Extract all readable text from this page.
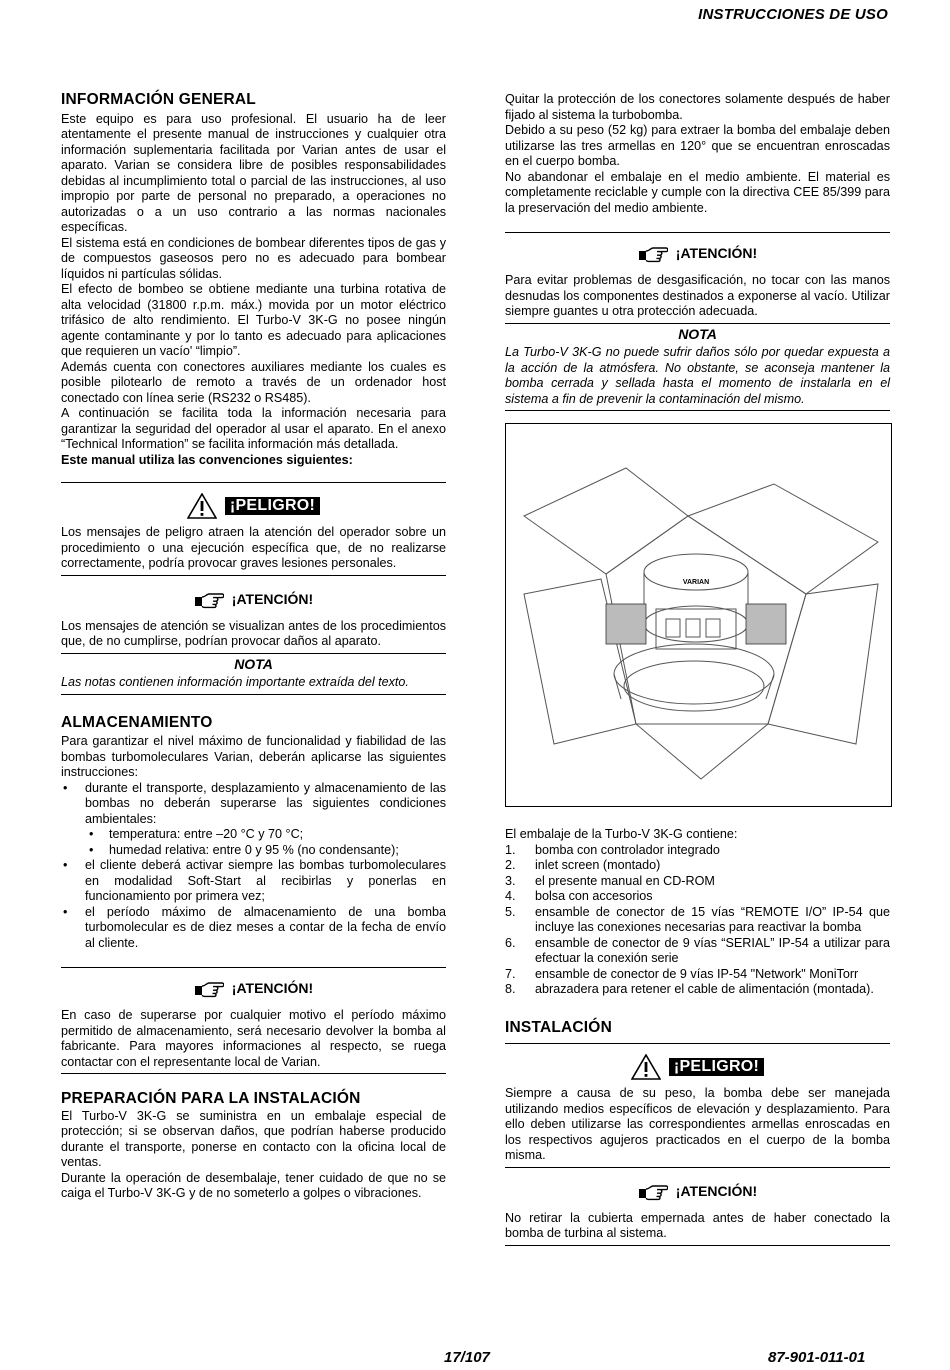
INSTRUCCIONES DE USO
INFORMACIÓN GENERAL

Este equipo es para uso profesional. El usuario ha de leer atentamente el presente manual de instrucciones y cualquier otra información suplementaria facilitada por Varian antes de usar el aparato. Varian se considera libre de posibles responsabilidades debidas al incumplimiento total o parcial de las instrucciones, al uso impropio por parte de personal no preparado, a operaciones no autorizadas o a un uso contrario a las normas nacionales específicas.

El sistema está en condiciones de bombear diferentes tipos de gas y de compuestos gaseosos pero no es adecuado para bombear líquidos ni partículas sólidas.

El efecto de bombeo se obtiene mediante una turbina rotativa de alta velocidad (31800 r.p.m. máx.) movida por un motor eléctrico trifásico de alto rendimiento. El Turbo-V 3K-G no posee ningún agente contaminante y por lo tanto es adecuado para aplicaciones que requieren un vacío' “limpio”.

Además cuenta con conectores auxiliares mediante los cuales es posible pilotearlo de remoto a través de un ordenador host conectado con línea serie (RS232 o RS485).

A continuación se facilita toda la información necesaria para garantizar la seguridad del operador al usar el aparato. En el anexo “Technical Information” se facilita información más detallada.

Este manual utiliza las convenciones siguientes:

¡PELIGRO!

Los mensajes de peligro atraen la atención del operador sobre un procedimiento o una ejecución específica que, de no realizarse correctamente, podría provocar graves lesiones personales.

¡ATENCIÓN!

Los mensajes de atención se visualizan antes de los procedimientos que, de no cumplirse, podrían provocar daños al aparato.

NOTA

Las notas contienen información importante extraída del texto.

ALMACENAMIENTO

Para garantizar el nivel máximo de funcionalidad y fiabilidad de las bombas turbomoleculares Varian, deberán aplicarse las siguientes instrucciones:

• durante el transporte, desplazamiento y almacenamiento de las bombas no deberán superarse las siguientes condiciones ambientales:
• temperatura: entre –20 °C y 70 °C;
• humedad relativa: entre 0 y 95 % (no condensante);
• el cliente deberá activar siempre las bombas turbomoleculares en modalidad Soft-Start al recibirlas y ponerlas en funcionamiento por primera vez;
• el período máximo de almacenamiento de una bomba turbomolecular es de diez meses a contar de la fecha de envío al cliente.
¡ATENCIÓN!

En caso de superarse por cualquier motivo el período máximo permitido de almacenamiento, será necesario devolver la bomba al fabricante. Para mayores informaciones al respecto, se ruega contactar con el representante local de Varian.

PREPARACIÓN PARA LA INSTALACIÓN

El Turbo-V 3K-G se suministra en un embalaje especial de protección; si se observan daños, que podrían haberse producido durante el transporte, ponerse en contacto con la oficina local de ventas.

Durante la operación de desembalaje, tener cuidado de que no se caiga el Turbo-V 3K-G y de no someterlo a golpes o vibraciones.

Quitar la protección de los conectores solamente después de haber fijado al sistema la turbobomba.

Debido a su peso (52 kg) para extraer la bomba del embalaje deben utilizarse las tres armellas en 120° que se encuentran enroscadas en el cuerpo bomba.

No abandonar el embalaje en el medio ambiente. El material es completamente reciclable y cumple con la directiva CEE 85/399 para la preservación del medio ambiente.

¡ATENCIÓN!

Para evitar problemas de desgasificación, no tocar con las manos desnudas los componentes destinados a exponerse al vacío. Utilizar siempre guantes u otra protección adecuada.

NOTA

La Turbo-V 3K-G no puede sufrir daños sólo por quedar expuesta a la acción de la atmósfera. No obstante, se aconseja mantener la bomba cerrada y sellada hasta el momento de instalarla en el sistema a fin de prevenir la contaminación del mismo.

VARIAN

El embalaje de la Turbo-V 3K-G contiene:

1. bomba con controlador integrado
2. inlet screen (montado)
3. el presente manual en CD-ROM
4. bolsa con accesorios
5. ensamble de conector de 15 vías “REMOTE I/O” IP-54 que incluye las conexiones necesarias para reactivar la bomba
6. ensamble de conector de 9 vías “SERIAL” IP-54 a utilizar para efectuar la conexión serie
7. ensamble de conector de 9 vías IP-54 "Network" MoniTorr
8. abrazadera para retener el cable de alimentación (montada).
INSTALACIÓN
¡PELIGRO!

Siempre a causa de su peso, la bomba debe ser manejada utilizando medios específicos de elevación y desplazamiento. Para ello deben utilizarse las correspondientes armellas enroscadas en los respectivos agujeros practicados en el cuerpo de la bomba misma.

¡ATENCIÓN!

No retirar la cubierta empernada antes de haber conectado la bomba de turbina al sistema.

17/107	87-901-011-01
